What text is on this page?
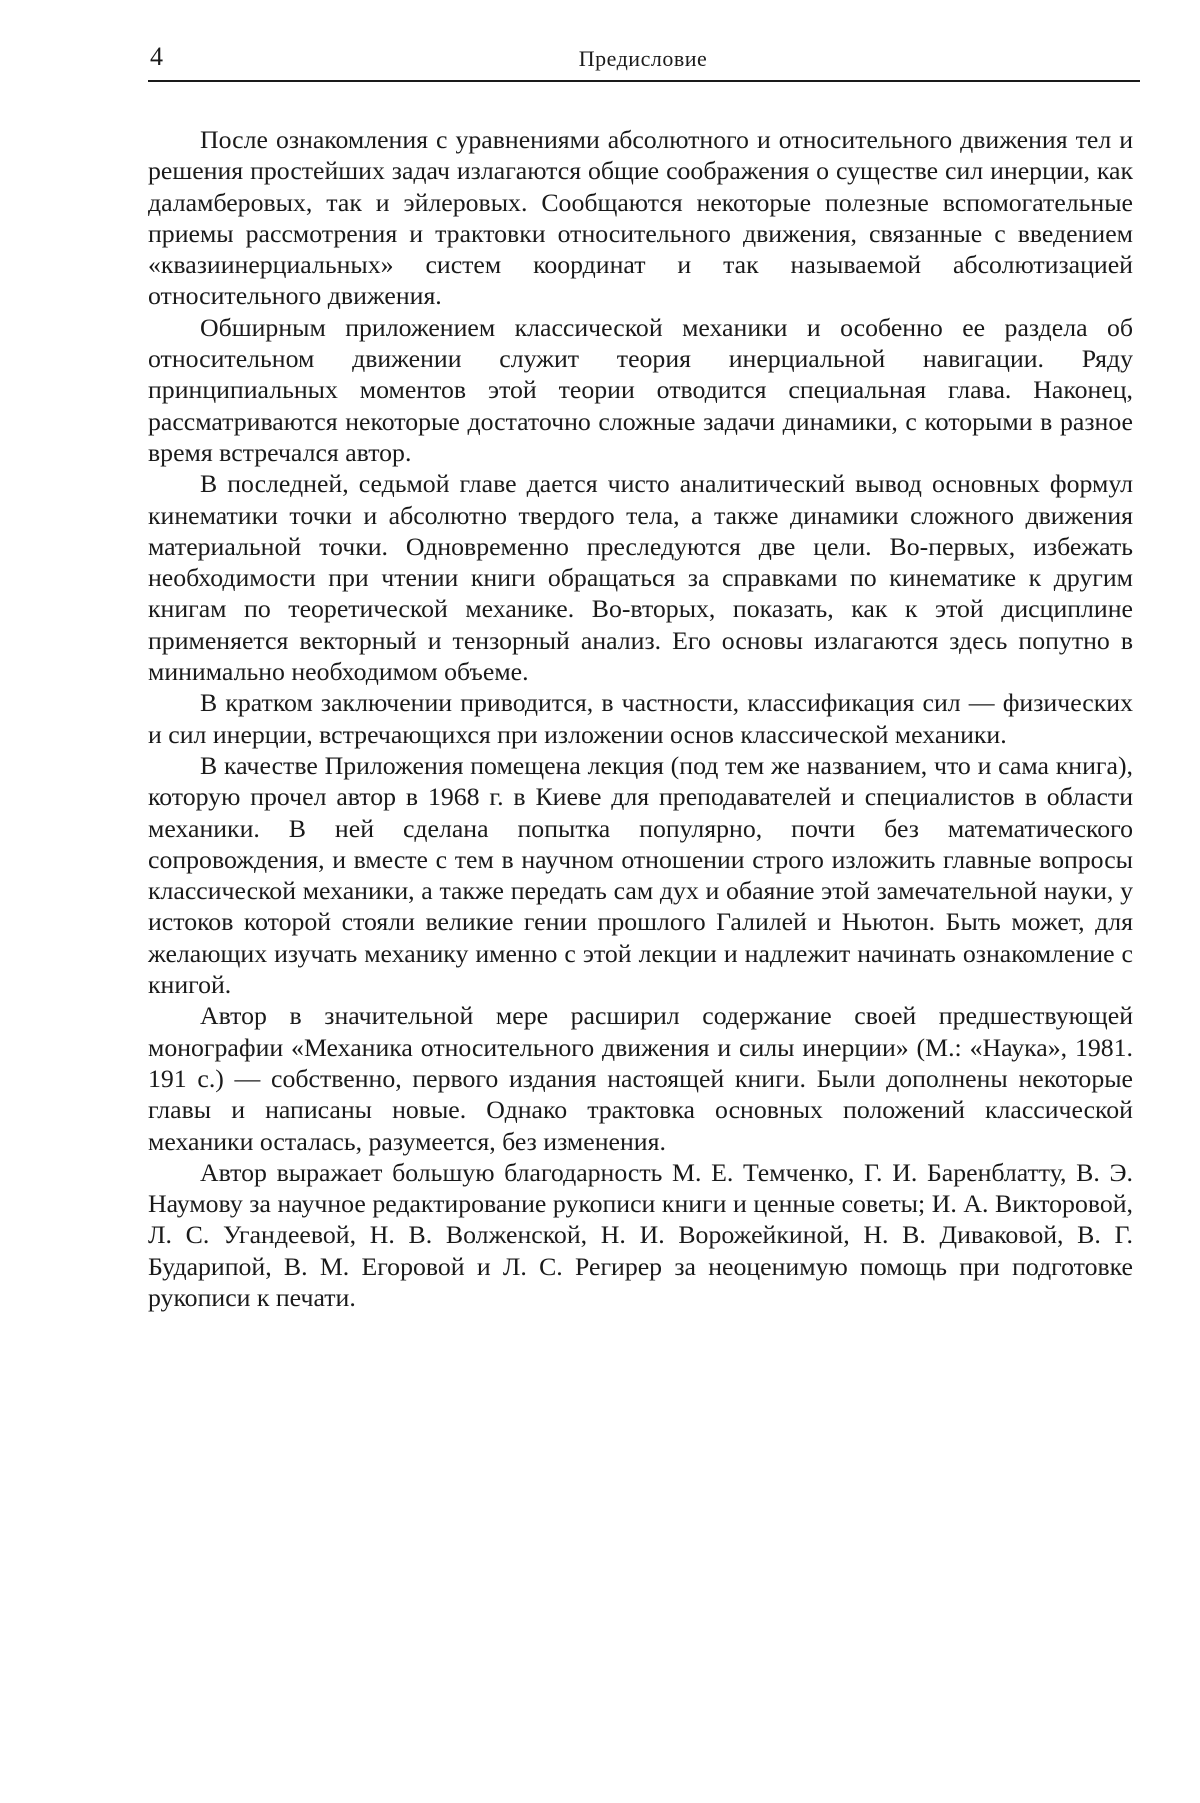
4	Предисловие

После ознакомления с уравнениями абсолютного и относительного движения тел и решения простейших задач излагаются общие соображения о существе сил инерции, как даламберовых, так и эйлеровых. Сообщаются некоторые полезные вспомогательные приемы рассмотрения и трактовки относительного движения, связанные с введением «квазиинерциальных» систем координат и так называемой абсолютизацией относительного движения.

Обширным приложением классической механики и особенно ее раздела об относительном движении служит теория инерциальной навигации. Ряду принципиальных моментов этой теории отводится специальная глава. Наконец, рассматриваются некоторые достаточно сложные задачи динамики, с которыми в разное время встречался автор.

В последней, седьмой главе дается чисто аналитический вывод основных формул кинематики точки и абсолютно твердого тела, а также динамики сложного движения материальной точки. Одновременно преследуются две цели. Во-первых, избежать необходимости при чтении книги обращаться за справками по кинематике к другим книгам по теоретической механике. Во-вторых, показать, как к этой дисциплине применяется векторный и тензорный анализ. Его основы излагаются здесь попутно в минимально необходимом объеме.

В кратком заключении приводится, в частности, классификация сил — физических и сил инерции, встречающихся при изложении основ классической механики.

В качестве Приложения помещена лекция (под тем же названием, что и сама книга), которую прочел автор в 1968 г. в Киеве для преподавателей и специалистов в области механики. В ней сделана попытка популярно, почти без математического сопровождения, и вместе с тем в научном отношении строго изложить главные вопросы классической механики, а также передать сам дух и обаяние этой замечательной науки, у истоков которой стояли великие гении прошлого Галилей и Ньютон. Быть может, для желающих изучать механику именно с этой лекции и надлежит начинать ознакомление с книгой.

Автор в значительной мере расширил содержание своей предшествующей монографии «Механика относительного движения и силы инерции» (М.: «Наука», 1981. 191 с.) — собственно, первого издания настоящей книги. Были дополнены некоторые главы и написаны новые. Однако трактовка основных положений классической механики осталась, разумеется, без изменения.

Автор выражает большую благодарность М. Е. Темченко, Г. И. Баренблатту, В. Э. Наумову за научное редактирование рукописи книги и ценные советы; И. А. Викторовой, Л. С. Угандеевой, Н. В. Волженской, Н. И. Ворожейкиной, Н. В. Диваковой, В. Г. Бударипой, В. М. Егоровой и Л. С. Регирер за неоценимую помощь при подготовке рукописи к печати.
